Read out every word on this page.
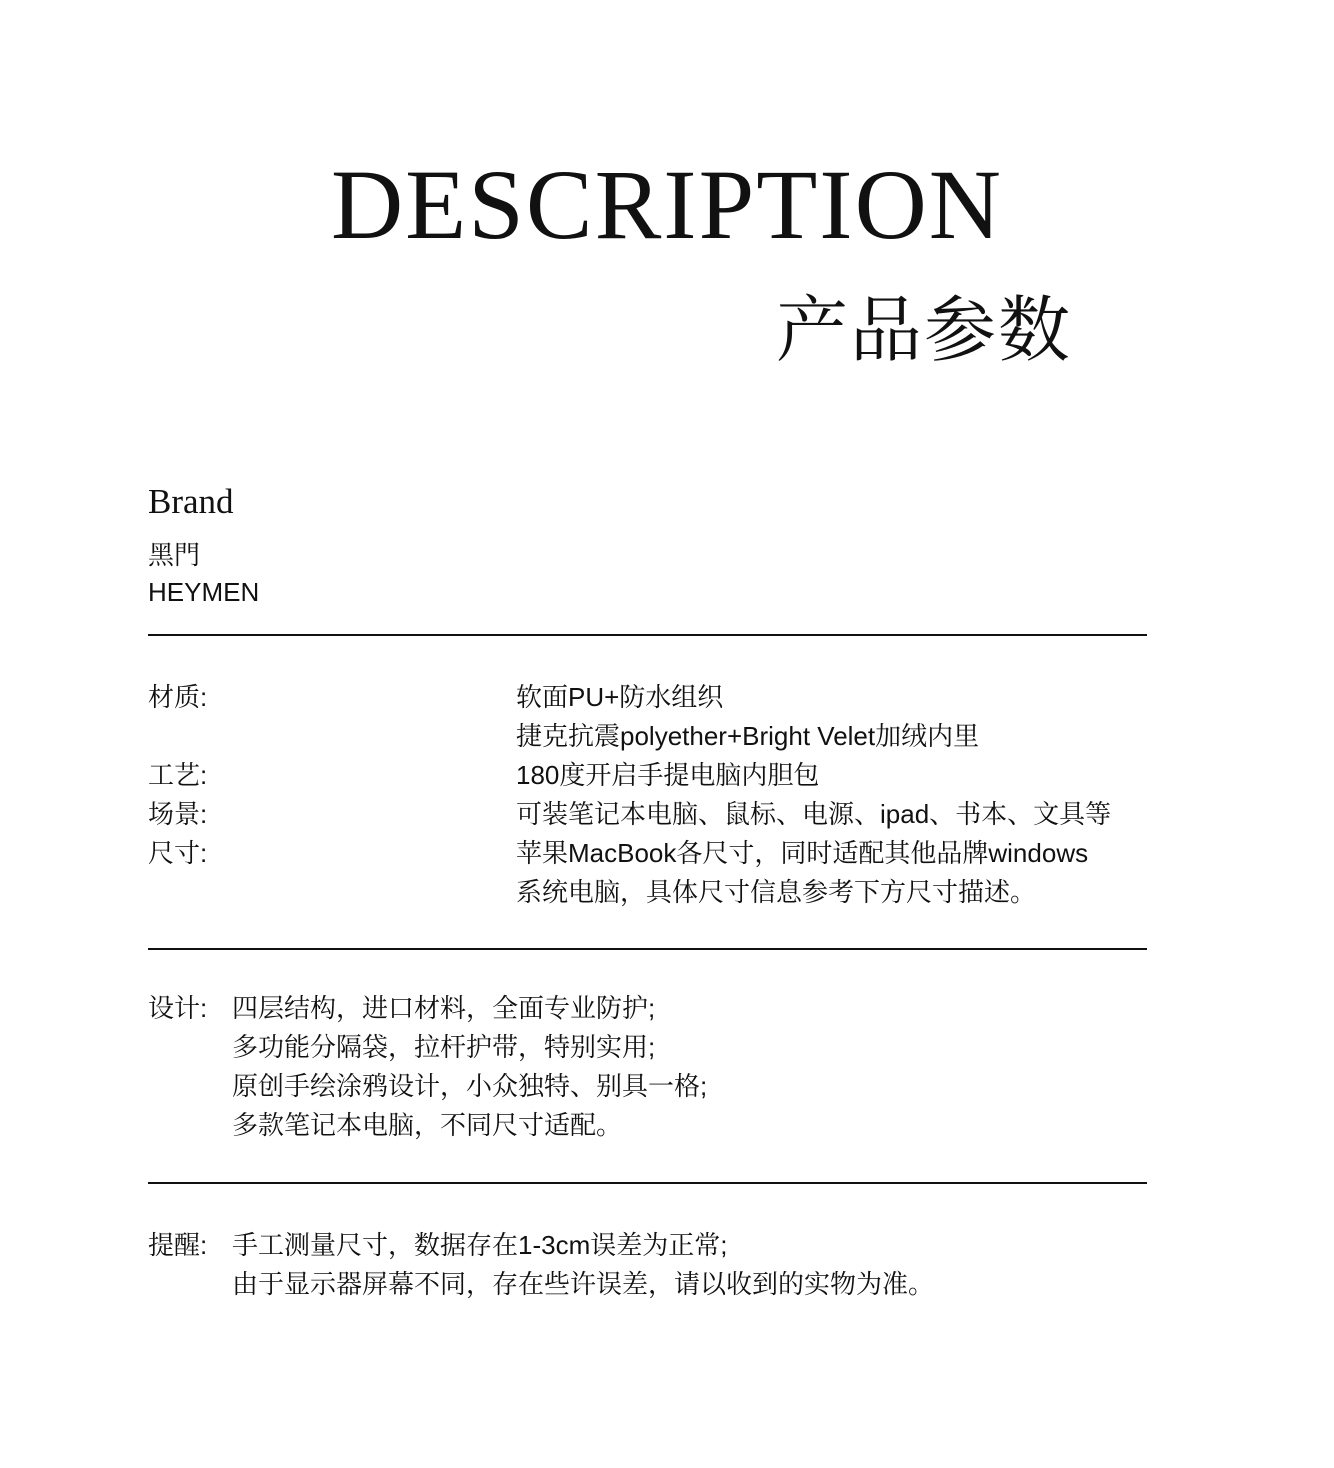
DESCRIPTION
产品参数
Brand
黑門
HEYMEN
材质:	软面PU+防水组织
捷克抗震polyether+Bright Velet加绒内里
工艺:	180度开启手提电脑内胆包
场景:	可装笔记本电脑、鼠标、电源、ipad、书本、文具等
尺寸:	苹果MacBook各尺寸，同时适配其他品牌windows
系统电脑，具体尺寸信息参考下方尺寸描述。
设计: 四层结构，进口材料，全面专业防护;
多功能分隔袋，拉杆护带，特别实用;
原创手绘涂鸦设计，小众独特、别具一格;
多款笔记本电脑，不同尺寸适配。
提醒: 手工测量尺寸，数据存在1-3cm误差为正常;
由于显示器屏幕不同，存在些许误差，请以收到的实物为准。
